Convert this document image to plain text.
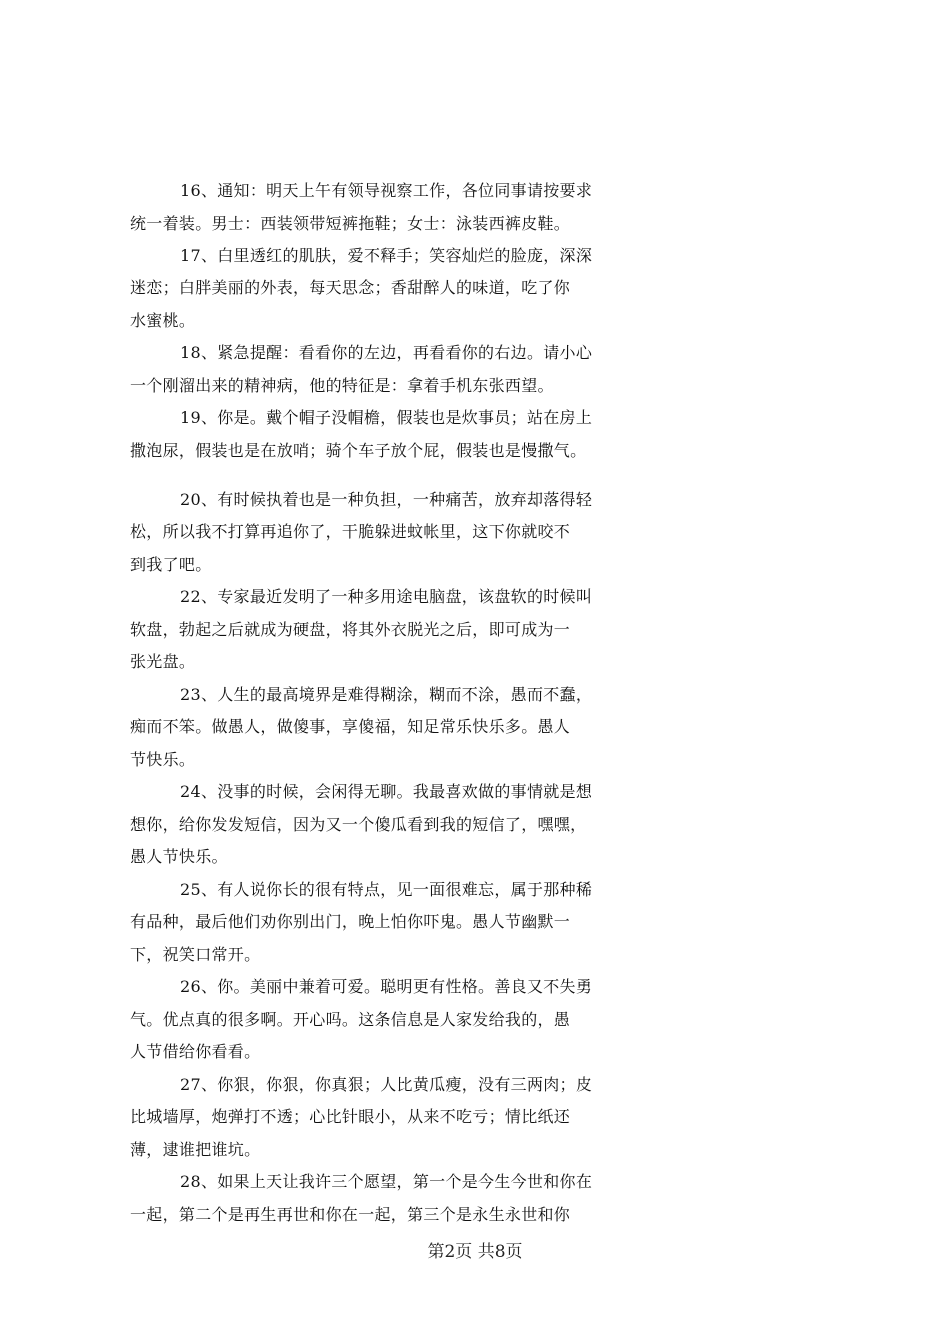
16、通知：明天上午有领导视察工作，各位同事请按要求
统一着装。男士：西装领带短裤拖鞋；女士：泳装西裤皮鞋。
17、白里透红的肌肤，爱不释手；笑容灿烂的脸庞，深深
迷恋；白胖美丽的外表，每天思念；香甜醉人的味道，吃了你
水蜜桃。
18、紧急提醒：看看你的左边，再看看你的右边。请小心
一个刚溜出来的精神病，他的特征是：拿着手机东张西望。
19、你是。戴个帽子没帽檐，假装也是炊事员；站在房上
撒泡尿，假装也是在放哨；骑个车子放个屁，假装也是慢撒气。
20、有时候执着也是一种负担，一种痛苦，放弃却落得轻
松，所以我不打算再追你了，干脆躲进蚊帐里，这下你就咬不
到我了吧。
22、专家最近发明了一种多用途电脑盘，该盘软的时候叫
软盘，勃起之后就成为硬盘，将其外衣脱光之后，即可成为一
张光盘。
23、人生的最高境界是难得糊涂，糊而不涂，愚而不蠢，
痴而不笨。做愚人，做傻事，享傻福，知足常乐快乐多。愚人
节快乐。
24、没事的时候，会闲得无聊。我最喜欢做的事情就是想
想你，给你发发短信，因为又一个傻瓜看到我的短信了，嘿嘿，
愚人节快乐。
25、有人说你长的很有特点，见一面很难忘，属于那种稀
有品种，最后他们劝你别出门，晚上怕你吓鬼。愚人节幽默一
下，祝笑口常开。
26、你。美丽中兼着可爱。聪明更有性格。善良又不失勇
气。优点真的很多啊。开心吗。这条信息是人家发给我的，愚
人节借给你看看。
27、你狠，你狠，你真狠；人比黄瓜瘦，没有三两肉；皮
比城墙厚，炮弹打不透；心比针眼小，从来不吃亏；情比纸还
薄，逮谁把谁坑。
28、如果上天让我许三个愿望，第一个是今生今世和你在
一起，第二个是再生再世和你在一起，第三个是永生永世和你
第2页 共8页
